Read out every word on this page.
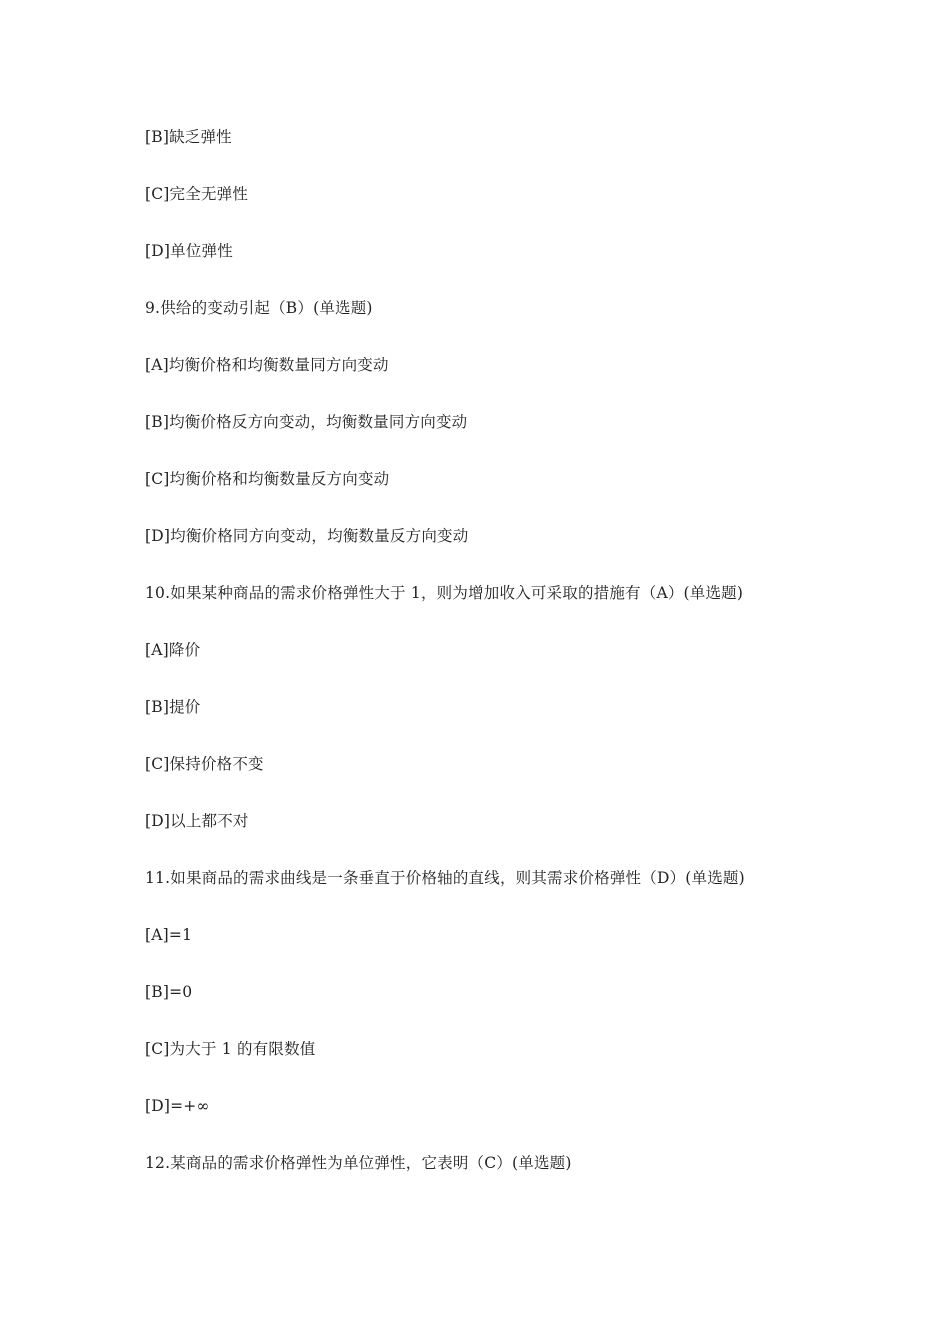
[B]缺乏弹性
[C]完全无弹性
[D]单位弹性
9.供给的变动引起（B）(单选题)
[A]均衡价格和均衡数量同方向变动
[B]均衡价格反方向变动，均衡数量同方向变动
[C]均衡价格和均衡数量反方向变动
[D]均衡价格同方向变动，均衡数量反方向变动
10.如果某种商品的需求价格弹性大于 1，则为增加收入可采取的措施有（A）(单选题)
[A]降价
[B]提价
[C]保持价格不变
[D]以上都不对
11.如果商品的需求曲线是一条垂直于价格轴的直线，则其需求价格弹性（D）(单选题)
[A]=1
[B]=0
[C]为大于 1 的有限数值
[D]=+∞
12.某商品的需求价格弹性为单位弹性，它表明（C）(单选题)
